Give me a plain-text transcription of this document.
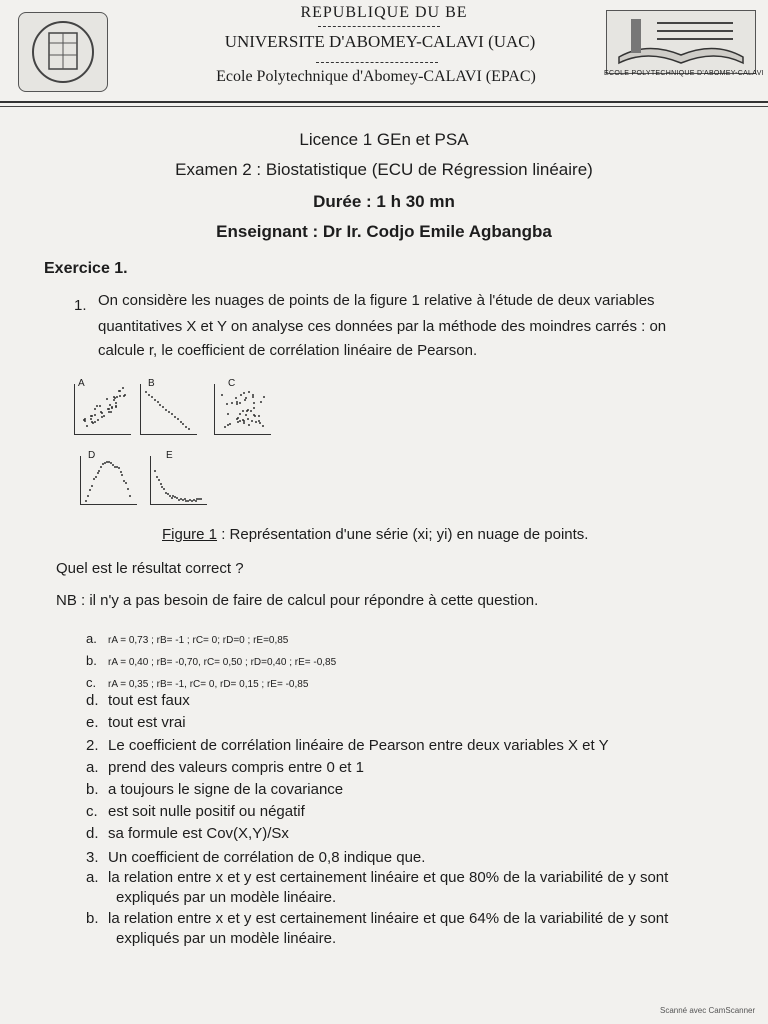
REPUBLIQUE DU BE
UNIVERSITE D'ABOMEY-CALAVI (UAC)
Ecole Polytechnique d'Abomey-CALAVI (EPAC)	ECOLE POLYTECHNIQUE D'ABOMEY-CALAVI
Licence 1 GEn et PSA
Examen 2 : Biostatistique (ECU de Régression linéaire)
Durée : 1 h 30 mn
Enseignant : Dr Ir. Codjo Emile Agbangba
Exercice 1.
1. On considère les nuages de points de la figure 1 relative à l'étude de deux variables
quantitatives X et Y on analyse ces données par la méthode des moindres carrés : on
calcule r, le coefficient de corrélation linéaire de Pearson.
A	B	C
D	E
Figure 1 : Représentation d'une série (xi; yi) en nuage de points.
Quel est le résultat correct ?
NB : il n'y a pas besoin de faire de calcul pour répondre à cette question.
a. rA = 0,73 ; rB= -1 ; rC= 0; rD=0 ; rE=0,85
b. rA = 0,40 ; rB= -0,70, rC= 0,50 ; rD=0,40 ; rE= -0,85
c. rA = 0,35 ; rB= -1, rC= 0, rD= 0,15 ; rE= -0,85
d. tout est faux
e. tout est vrai
2. Le coefficient de corrélation linéaire de Pearson entre deux variables X et Y
a. prend des valeurs compris entre 0 et 1
b. a toujours le signe de la covariance
c. est soit nulle positif ou négatif
d. sa formule est Cov(X,Y)/Sx
3. Un coefficient de corrélation de 0,8 indique que.
a. la relation entre x et y est certainement linéaire et que 80% de la variabilité de y sont
expliqués par un modèle linéaire.
b. la relation entre x et y est certainement linéaire et que 64% de la variabilité de y sont
expliqués par un modèle linéaire.
Scanné avec CamScanner
